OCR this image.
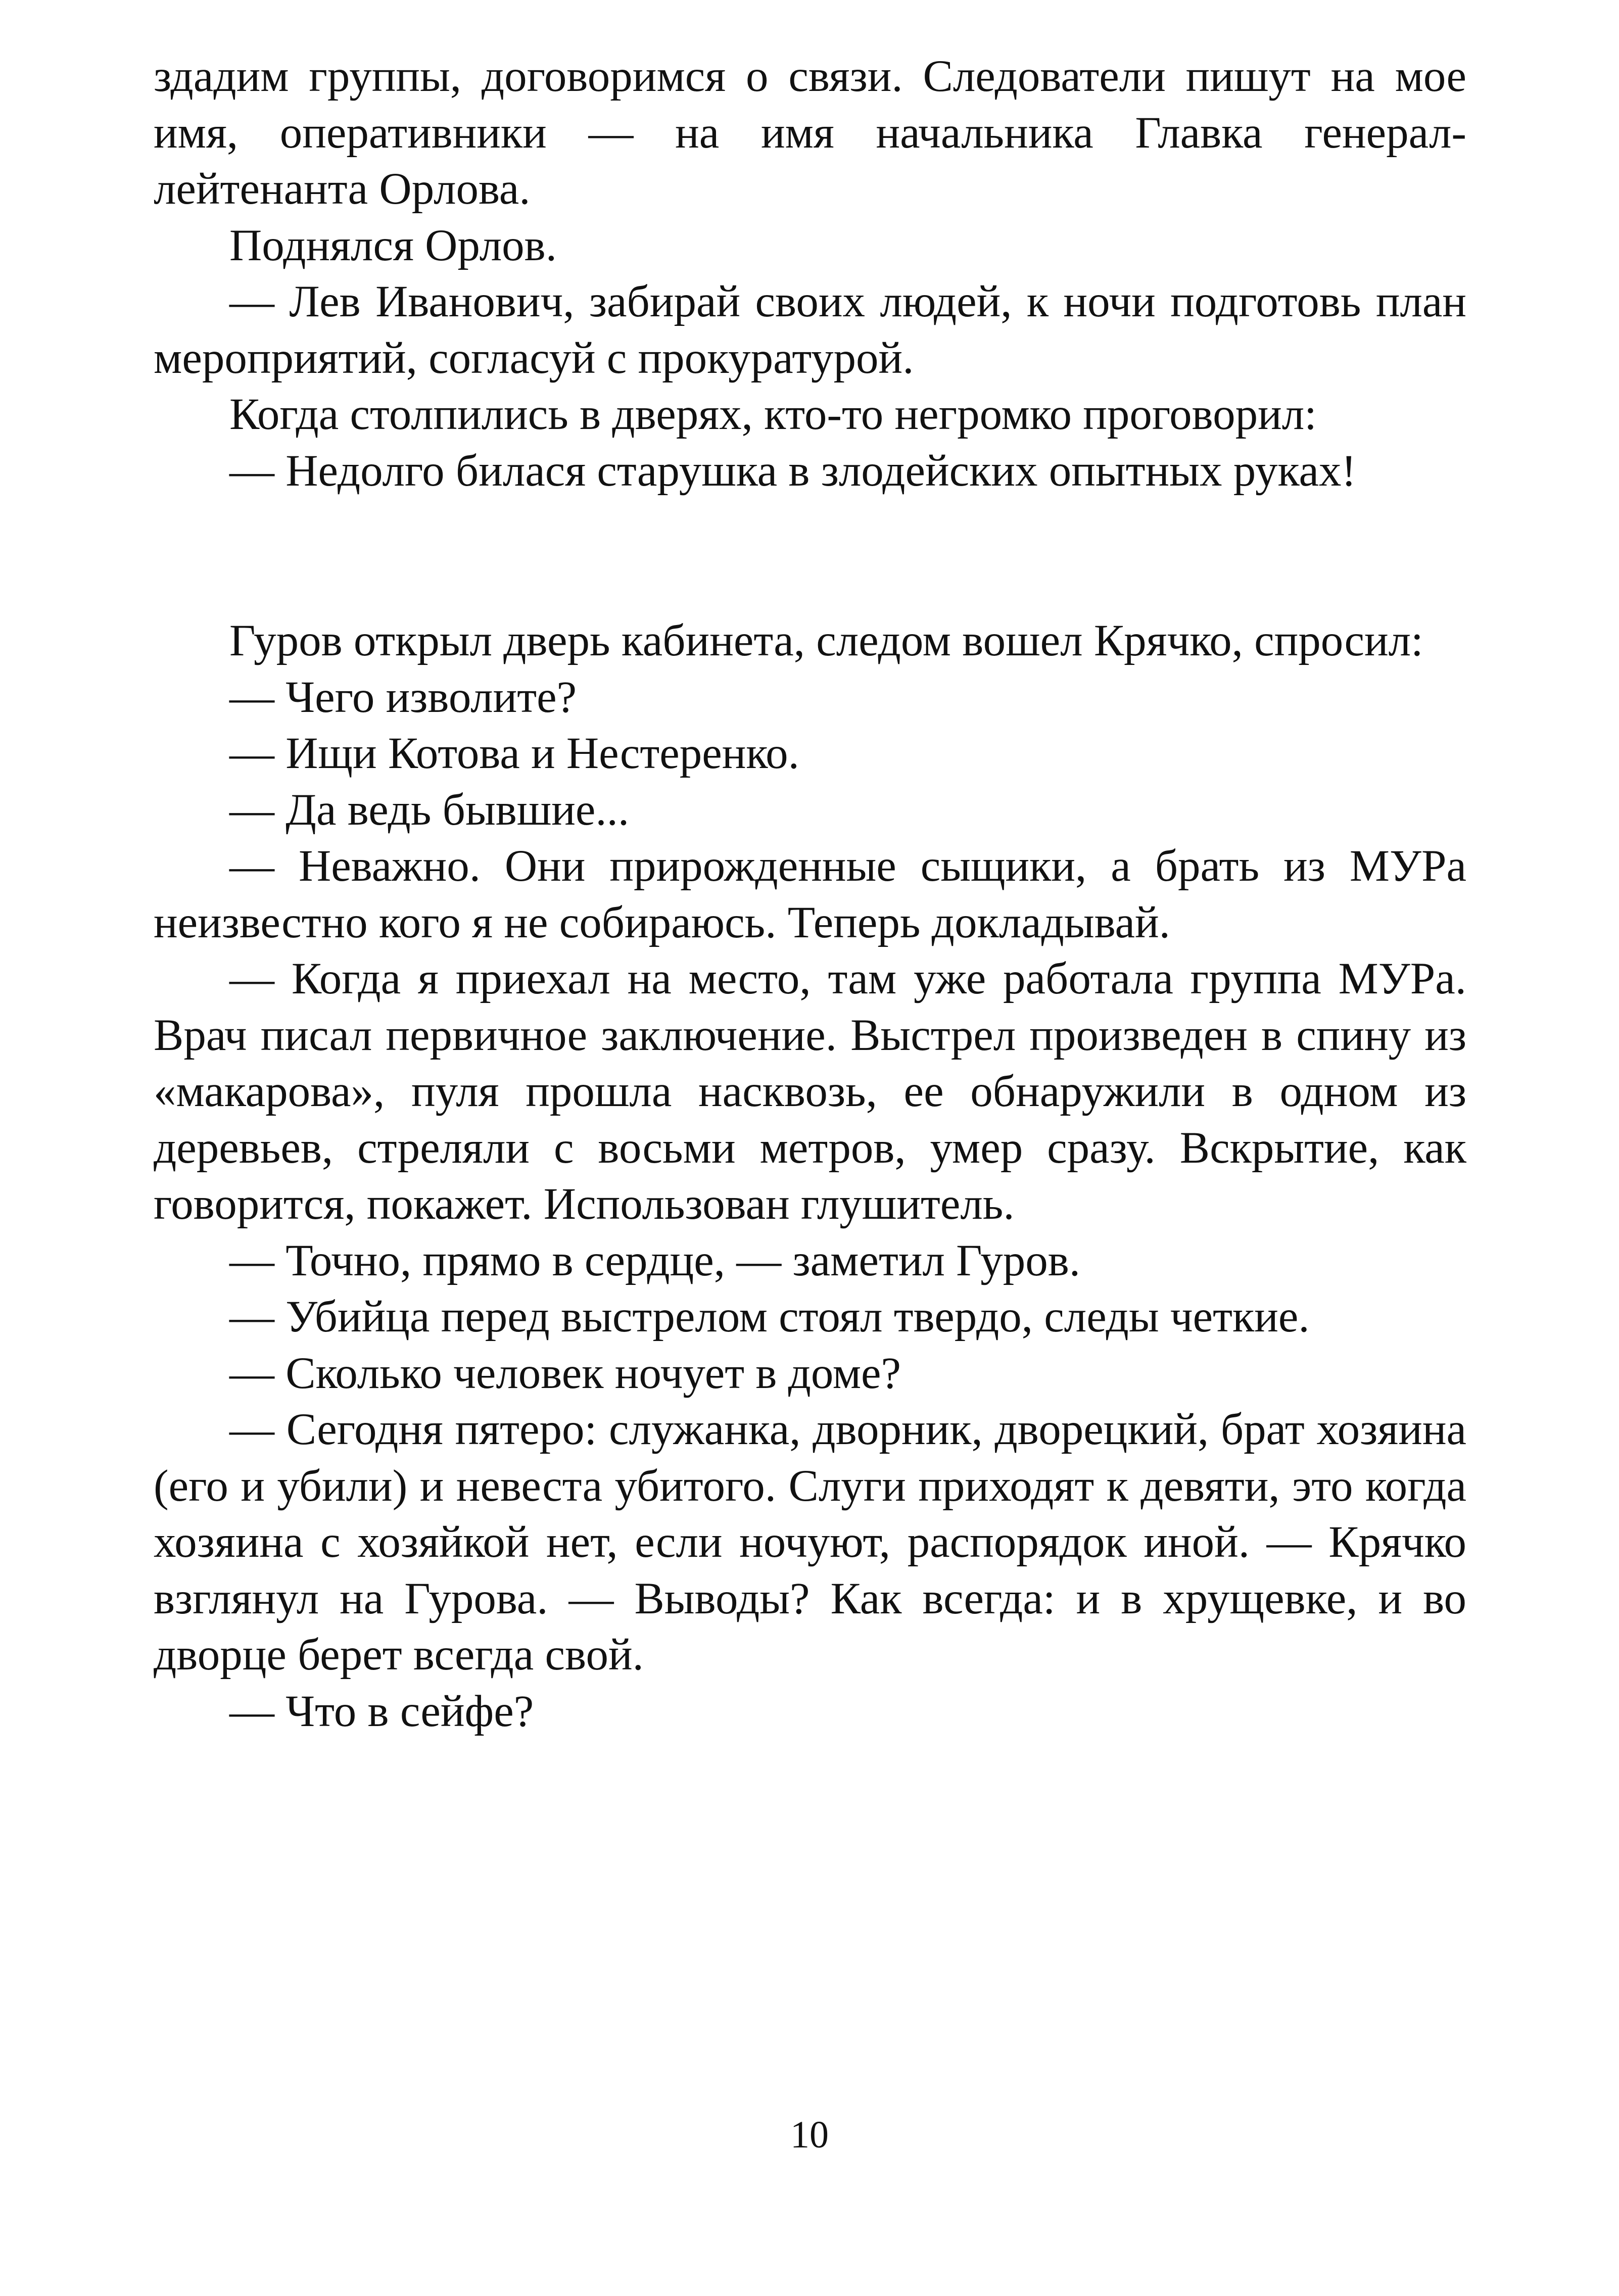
здадим группы, договоримся о связи. Следователи пишут на мое имя, оперативники — на имя начальника Главка генерал-лейтенанта Орлова.

Поднялся Орлов.

— Лев Иванович, забирай своих людей, к ночи подготовь план мероприятий, согласуй с прокуратурой.

Когда столпились в дверях, кто-то негромко проговорил:

— Недолго билася старушка в злодейских опытных руках!

Гуров открыл дверь кабинета, следом вошел Крячко, спросил:

— Чего изволите?

— Ищи Котова и Нестеренко.

— Да ведь бывшие...

— Неважно. Они прирожденные сыщики, а брать из МУРа неизвестно кого я не собираюсь. Теперь докладывай.

— Когда я приехал на место, там уже работала группа МУРа. Врач писал первичное заключение. Выстрел произведен в спину из «макарова», пуля прошла насквозь, ее обнаружили в одном из деревьев, стреляли с восьми метров, умер сразу. Вскрытие, как говорится, покажет. Использован глушитель.

— Точно, прямо в сердце, — заметил Гуров.

— Убийца перед выстрелом стоял твердо, следы четкие.

— Сколько человек ночует в доме?

— Сегодня пятеро: служанка, дворник, дворецкий, брат хозяина (его и убили) и невеста убитого. Слуги приходят к девяти, это когда хозяина с хозяйкой нет, если ночуют, распорядок иной. — Крячко взглянул на Гурова. — Выводы? Как всегда: и в хрущевке, и во дворце берет всегда свой.

— Что в сейфе?

10
